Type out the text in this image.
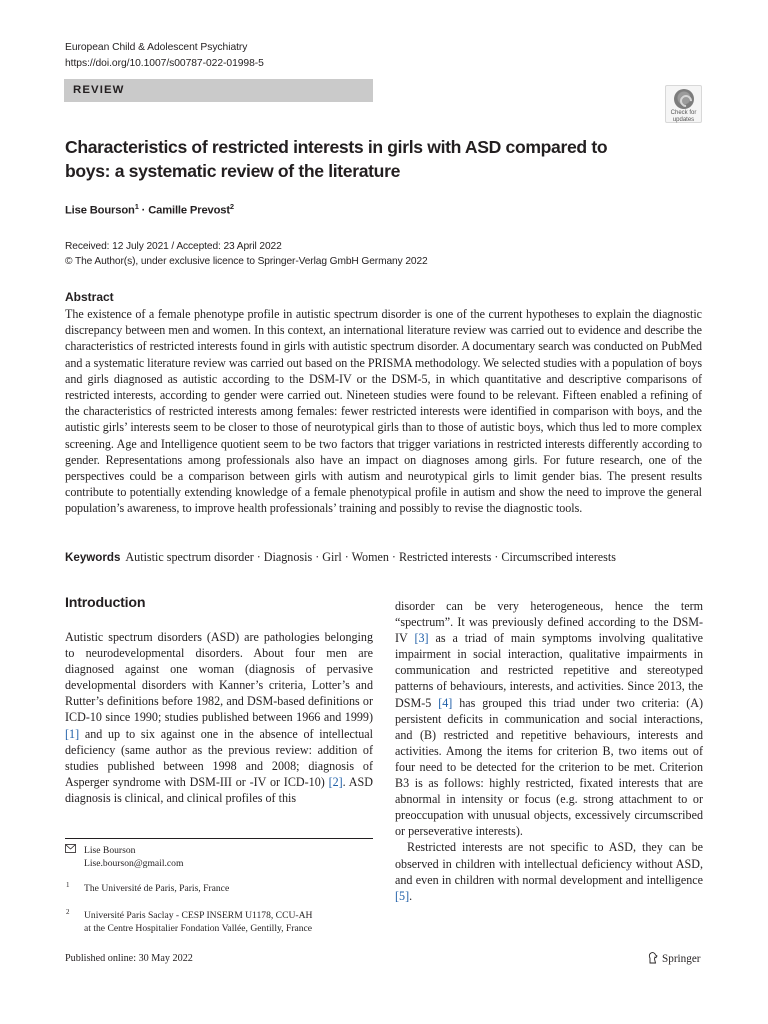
European Child & Adolescent Psychiatry
https://doi.org/10.1007/s00787-022-01998-5
REVIEW
Check for
updates
Characteristics of restricted interests in girls with ASD compared to boys: a systematic review of the literature
Lise Bourson$^1$ · Camille Prevost$^2$
Received: 12 July 2021 / Accepted: 23 April 2022
© The Author(s), under exclusive licence to Springer-Verlag GmbH Germany 2022
Abstract
The existence of a female phenotype profile in autistic spectrum disorder is one of the current hypotheses to explain the diagnostic discrepancy between men and women. In this context, an international literature review was carried out to evidence and describe the characteristics of restricted interests found in girls with autistic spectrum disorder. A documentary search was conducted on PubMed and a systematic literature review was carried out based on the PRISMA methodology. We selected studies with a population of boys and girls diagnosed as autistic according to the DSM-IV or the DSM-5, in which quantitative and descriptive comparisons of restricted interests, according to gender were carried out. Nineteen studies were found to be relevant. Fifteen enabled a refining of the characteristics of restricted interests among females: fewer restricted interests were identified in comparison with boys, and the autistic girls’ interests seem to be closer to those of neurotypical girls than to those of autistic boys, which thus led to more complex screening. Age and Intelligence quotient seem to be two factors that trigger variations in restricted interests differently according to gender. Representations among professionals also have an impact on diagnoses among girls. For future research, one of the perspectives could be a comparison between girls with autism and neurotypical girls to limit gender bias. The present results contribute to potentially extending knowledge of a female phenotypical profile in autism and show the need to improve the general population’s awareness, to improve health professionals’ training and possibly to revise the diagnostic tools.
Keywords Autistic spectrum disorder · Diagnosis · Girl · Women · Restricted interests · Circumscribed interests
Introduction
Autistic spectrum disorders (ASD) are pathologies belonging to neurodevelopmental disorders. About four men are diagnosed against one woman (diagnosis of pervasive developmental disorders with Kanner’s criteria, Lotter’s and Rutter’s definitions before 1982, and DSM-based definitions or ICD-10 since 1990; studies published between 1966 and 1999) [1] and up to six against one in the absence of intellectual deficiency (same author as the previous review: addition of studies published between 1998 and 2008; diagnosis of Asperger syndrome with DSM-III or -IV or ICD-10) [2]. ASD diagnosis is clinical, and clinical profiles of this

disorder can be very heterogeneous, hence the term “spectrum”. It was previously defined according to the DSM-IV [3] as a triad of main symptoms involving qualitative impairment in social interaction, qualitative impairments in communication and restricted repetitive and stereotyped patterns of behaviours, interests, and activities. Since 2013, the DSM-5 [4] has grouped this triad under two criteria: (A) persistent deficits in communication and social interactions, and (B) restricted and repetitive behaviours, interests and activities. Among the items for criterion B, two items out of four need to be detected for the criterion to be met. Criterion B3 is as follows: highly restricted, fixated interests that are abnormal in intensity or focus (e.g. strong attachment to or preoccupation with unusual objects, excessively circumscribed or perseverative interests).

Restricted interests are not specific to ASD, they can be observed in children with intellectual deficiency without ASD, and even in children with normal development and intelligence [5].

Lise Bourson
Lise.bourson@gmail.com
1 The Université de Paris, Paris, France
2 Université Paris Saclay - CESP INSERM U1178, CCU-AH
at the Centre Hospitalier Fondation Vallée, Gentilly, France
Published online: 30 May 2022	Springer
